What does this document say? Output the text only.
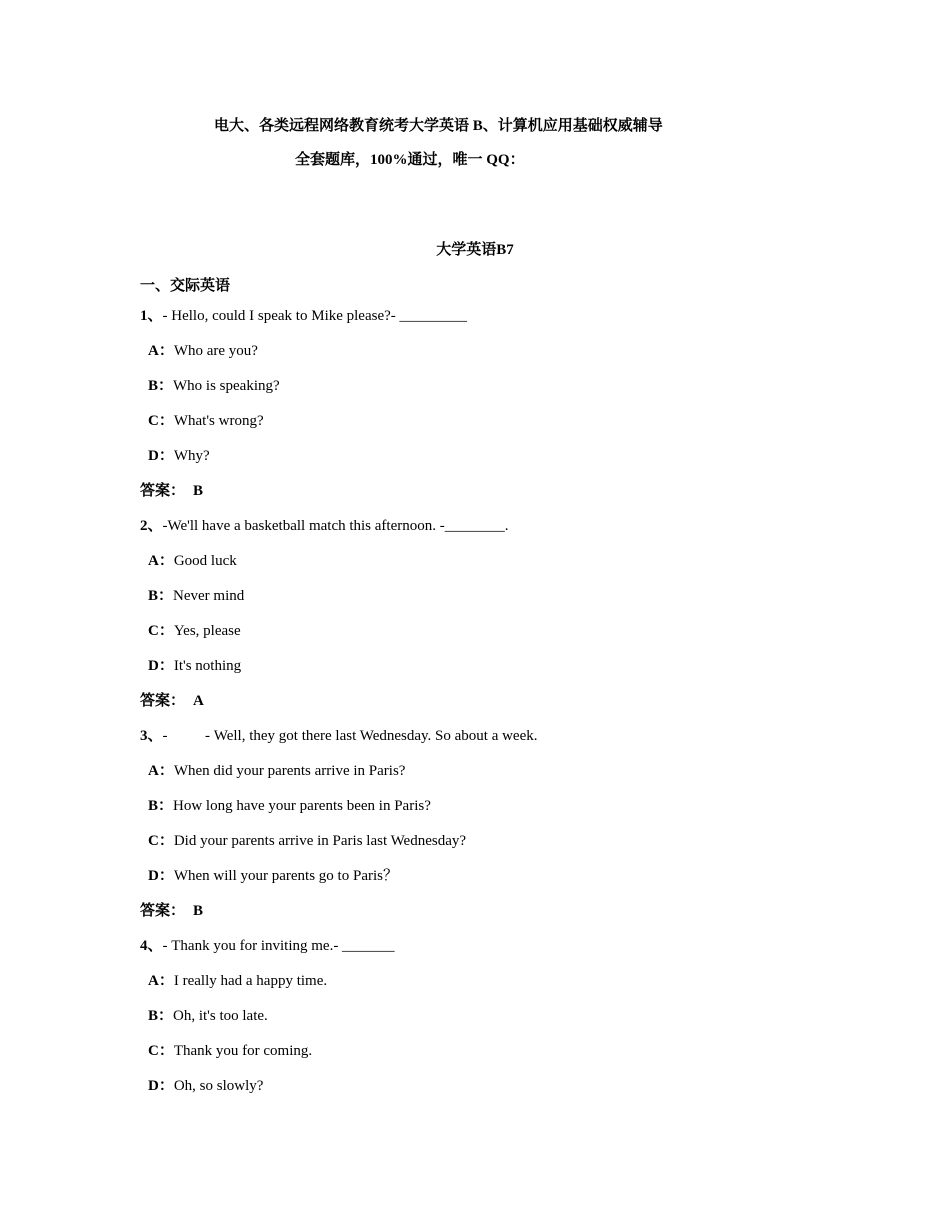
电大、各类远程网络教育统考大学英语 B、计算机应用基础权威辅导
全套题库，100%通过，唯一 QQ：
大学英语B7
一、交际英语
1、- Hello, could I speak to Mike please?- _________
A：Who are you?
B：Who is speaking?
C：What's wrong?
D：Why?
答案： B
2、-We'll have a basketball match this afternoon. -________.
A：Good luck
B：Never mind
C：Yes, please
D：It's nothing
答案： A
3、-          - Well, they got there last Wednesday. So about a week.
A：When did your parents arrive in Paris?
B：How long have your parents been in Paris?
C：Did your parents arrive in Paris last Wednesday?
D：When will your parents go to Paris？
答案： B
4、- Thank you for inviting me.- _______
A：I really had a happy time.
B：Oh, it's too late.
C：Thank you for coming.
D：Oh, so slowly?
